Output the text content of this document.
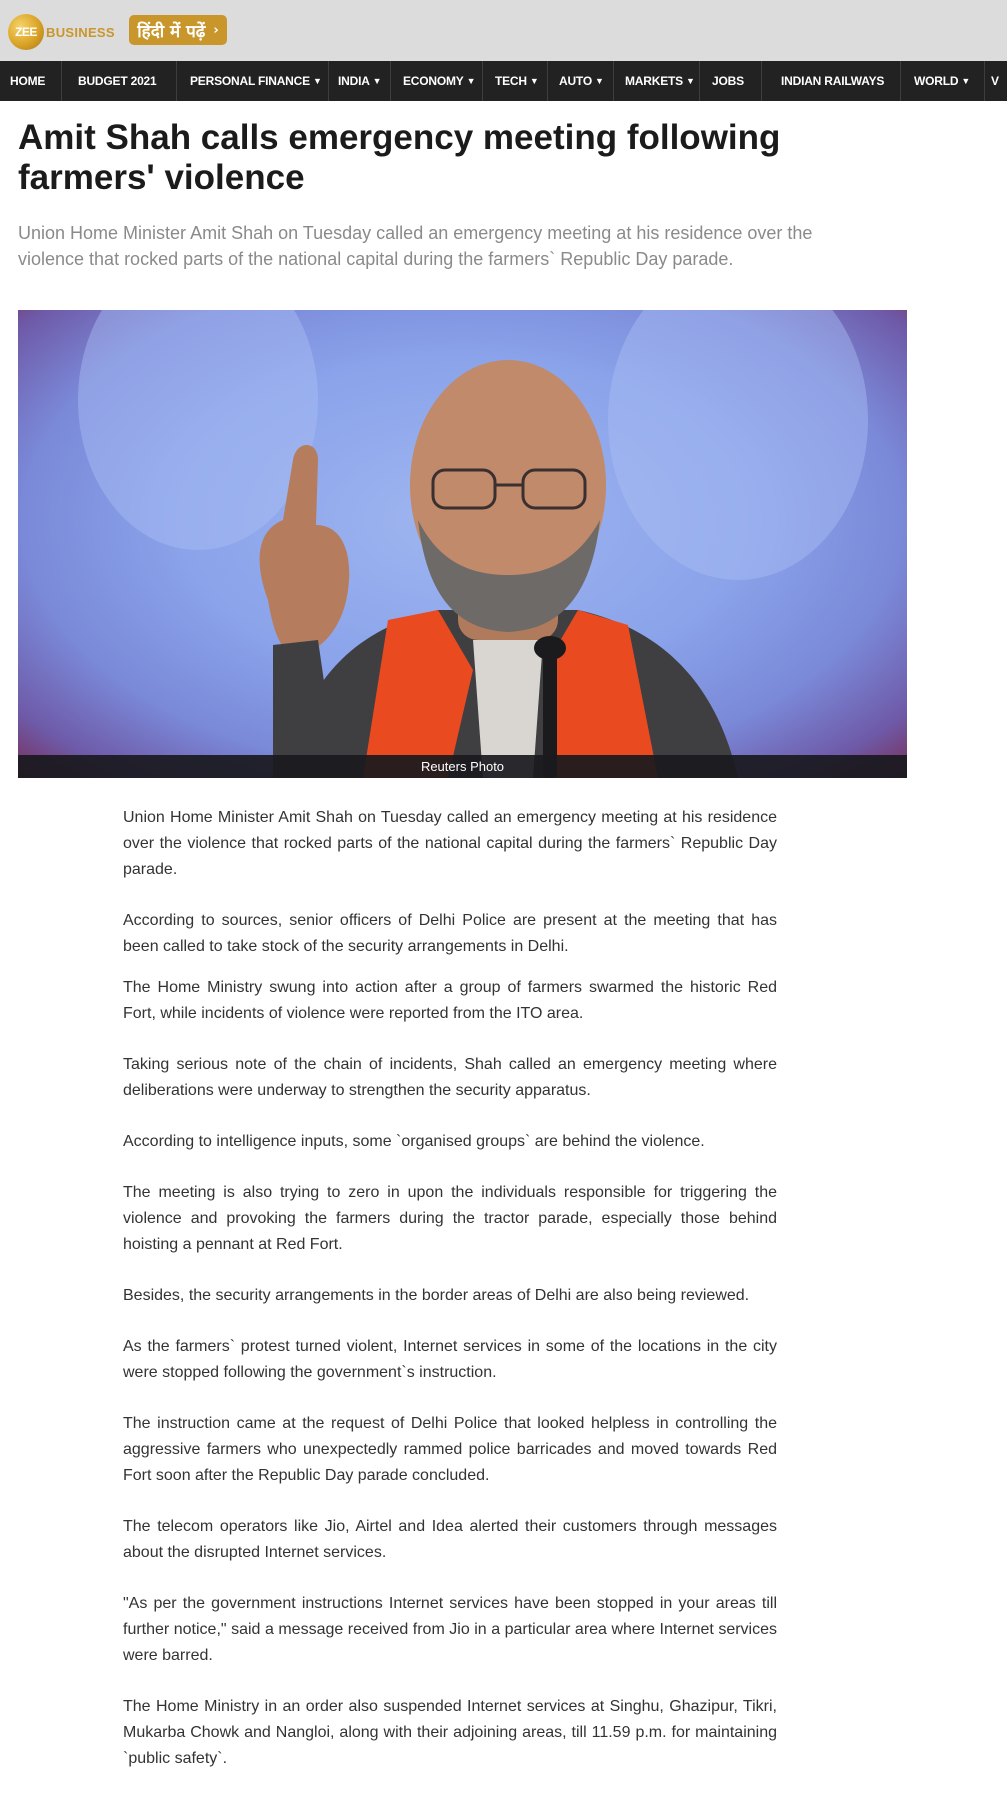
ZEE BUSINESS हिंदी में पढ़ें ›
HOME	BUDGET 2021	PERSONAL FINANCE ▼ INDIA ▼ ECONOMY ▼ TECH ▼ AUTO ▼ MARKETS ▼ JOBS	INDIAN RAILWAYS WORLD ▼ V
Amit Shah calls emergency meeting following farmers' violence

Union Home Minister Amit Shah on Tuesday called an emergency meeting at his residence over the violence that rocked parts of the national capital during the farmers` Republic Day parade.

Reuters Photo

Union Home Minister Amit Shah on Tuesday called an emergency meeting at his residence over the violence that rocked parts of the national capital during the farmers` Republic Day parade.

According to sources, senior officers of Delhi Police are present at the meeting that has been called to take stock of the security arrangements in Delhi.

The Home Ministry swung into action after a group of farmers swarmed the historic Red Fort, while incidents of violence were reported from the ITO area.

Taking serious note of the chain of incidents, Shah called an emergency meeting where deliberations were underway to strengthen the security apparatus.

According to intelligence inputs, some `organised groups` are behind the violence.

The meeting is also trying to zero in upon the individuals responsible for triggering the violence and provoking the farmers during the tractor parade, especially those behind hoisting a pennant at Red Fort.

Besides, the security arrangements in the border areas of Delhi are also being reviewed.

As the farmers` protest turned violent, Internet services in some of the locations in the city were stopped following the government`s instruction.

The instruction came at the request of Delhi Police that looked helpless in controlling the aggressive farmers who unexpectedly rammed police barricades and moved towards Red Fort soon after the Republic Day parade concluded.

The telecom operators like Jio, Airtel and Idea alerted their customers through messages about the disrupted Internet services.

"As per the government instructions Internet services have been stopped in your areas till further notice," said a message received from Jio in a particular area where Internet services were barred.

The Home Ministry in an order also suspended Internet services at Singhu, Ghazipur, Tikri, Mukarba Chowk and Nangloi, along with their adjoining areas, till 11.59 p.m. for maintaining `public safety`.
